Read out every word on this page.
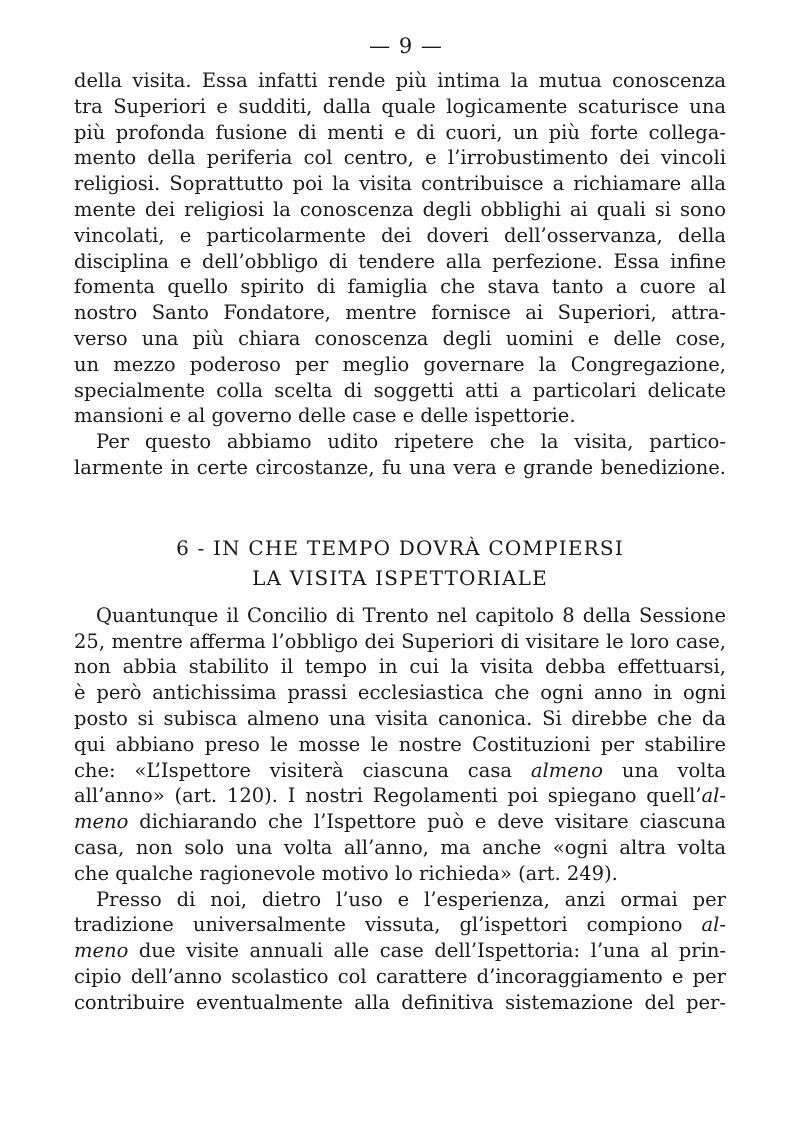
— 9 —
della visita. Essa infatti rende più intima la mutua conoscenza
tra Superiori e sudditi, dalla quale logicamente scaturisce una
più profonda fusione di menti e di cuori, un più forte collega-
mento della periferia col centro, e l’irrobustimento dei vincoli
religiosi. Soprattutto poi la visita contribuisce a richiamare alla
mente dei religiosi la conoscenza degli obblighi ai quali si sono
vincolati, e particolarmente dei doveri dell’osservanza, della
disciplina e dell’obbligo di tendere alla perfezione. Essa infine
fomenta quello spirito di famiglia che stava tanto a cuore al
nostro Santo Fondatore, mentre fornisce ai Superiori, attra-
verso una più chiara conoscenza degli uomini e delle cose,
un mezzo poderoso per meglio governare la Congregazione,
specialmente colla scelta di soggetti atti a particolari delicate
mansioni e al governo delle case e delle ispettorie.
Per questo abbiamo udito ripetere che la visita, partico-
larmente in certe circostanze, fu una vera e grande benedizione.
6 - IN CHE TEMPO DOVRÀ COMPIERSI
LA VISITA ISPETTORIALE
Quantunque il Concilio di Trento nel capitolo 8 della Sessione
25, mentre afferma l’obbligo dei Superiori di visitare le loro case,
non abbia stabilito il tempo in cui la visita debba effettuarsi,
è però antichissima prassi ecclesiastica che ogni anno in ogni
posto si subisca almeno una visita canonica. Si direbbe che da
qui abbiano preso le mosse le nostre Costituzioni per stabilire
che: «L’Ispettore visiterà ciascuna casa almeno una volta
all’anno» (art. 120). I nostri Regolamenti poi spiegano quell’al-
meno dichiarando che l’Ispettore può e deve visitare ciascuna
casa, non solo una volta all’anno, ma anche «ogni altra volta
che qualche ragionevole motivo lo richieda» (art. 249).
Presso di noi, dietro l’uso e l’esperienza, anzi ormai per
tradizione universalmente vissuta, gl’ispettori compiono al-
meno due visite annuali alle case dell’Ispettoria: l’una al prin-
cipio dell’anno scolastico col carattere d’incoraggiamento e per
contribuire eventualmente alla definitiva sistemazione del per-
